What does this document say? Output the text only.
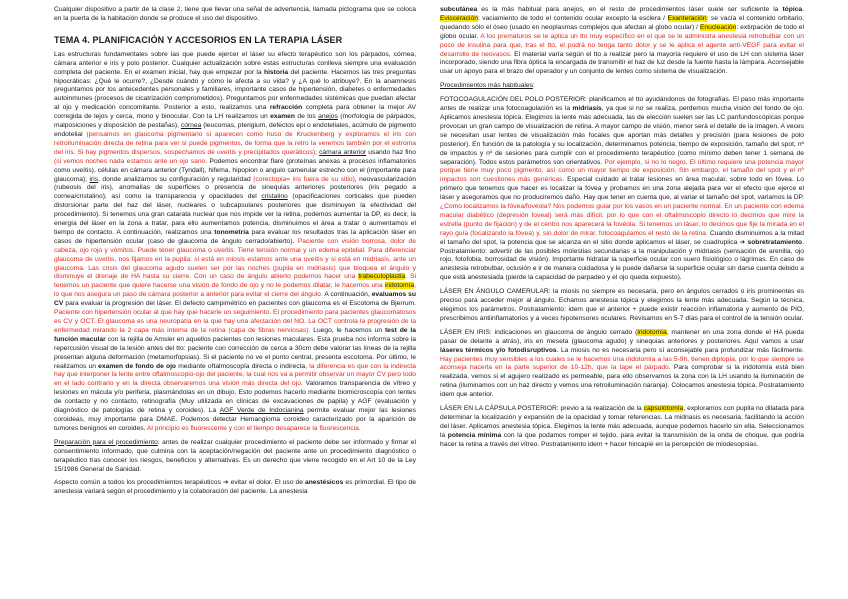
Cualquier dispositivo a partir de la clase 2, tiene que llevar una señal de advertencia, llamada pictograma que se coloca en la puerta de la habitación donde se produce el uso del dispositivo.

TEMA 4. PLANIFICACIÓN Y ACCESORIOS EN LA TERAPIA LÁSER

Las estructuras fundamentales sobre las que puede ejercer el láser su efecto terapéutico son los párpados, córnea, cámara anterior e iris y polo posterior. Cualquier actualización sobre estas estructuras conlleva siempre una evaluación completa del paciente. En el examen inicial, hay que empezar por la historia del paciente. Hacemos las tres preguntas hipocráticas: ¿Qué le ocurre?, ¿Desde cuándo y cómo le afecta a su vida? y ¿A qué lo atribuye?. En la anamnesis preguntamos por los antecedentes personales y familiares, importante casos de hipertensión, diabetes o enfermedades autoinmunes (procesos de cicatrización comprometidos). Preguntamos por enfermedades sistémicas que puedan afectar al ojo y medicación concomitante. Posterior a esto, realizamos una refracción completa para obtener la mejor AV corregida de lejos y cerca, mono y binocular. Con la LH realizamos un examen de los anejos (morfología de párpados, malposiciones y disposición de pestañas), córnea (leucomas, pterigium, defectos epi o endoteliales, acúmulo de pigmento endotelial (pensamos en glaucoma pigmentario si aparecen como huso de Kruckenberg y exploramos el iris con retroiluminación directa de retina para ver si puede pigmentos, de forma que la retro la veremos también por el estroma del iris. Si hay pigmentos dispersos, sospechamos de uveítis y precipitados queráticos); cámara anterior usando haz fino (si vemos noches nada estamos ante un ojo sano. Podemos encontrar flare (proteínas anexas a procesos inflamatorios como uveítis), células en cámara anterior (Tyndall), hifema, hipopion o angulo camerular estrecho con el (importante para glaucoma); iris, donde analizamos su configuración y regularidad (corectopia= iris fuera de su sitio), neovascularización (rubeosis del iris), anomalías de superficies o presencia de sinequias anteriores posteriores (iris pegado a cornea/cristalino); así como la transparencia y opacidades del cristalino (opacificaciones corticales que pueden distorsionar parte del haz del láser, nucleares o subcapsulares posteriores que disminuyen la efectividad del procedimiento). Si tenemos una gran catarata nuclear que nos impide ver la retina, podemos aumentar la DP, es decir, la energía del láser en la zona a tratar, para ello aumentamos potencia, disminuimos el área a tratar o aumentamos el tiempo de contacto. A continuación, realizamos una tonometría para evaluar los resultados tras la aplicación láser en casos de hipertensión ocular (caso de glaucoma de ángulo cerrado/abierto). Paciente con visión borrosa, dolor de cabeza, ojo rojo y vómitos. Puede tener glaucoma o uveítis. Tiene tensión normal y un edema epitelial. Para diferenciar glaucoma de uveítis, nos fijamos en la pupila: si está en miosis estamos ante una uveítis y si está en midriasis, ante un glaucoma. Las crisis del glaucoma agudo suelen ser por las noches (pupila en midriasis) que bloquea el ángulo y disminuye el drenaje de HA hasta su cierre. Con un caso de ángulo abierto podemos hacer una trabeculoplastia. Si tenemos un paciente que quiere hacerse una visión de fondo de ojo y no le podemos dilatar, le hacemos una iridotomía, lo que nos asegura un paso de cámara posterior a anterior para evitar el cierre del ángulo. A continuación, evaluamos su CV para evaluar la progresión del láser. El defecto campimétrico en pacientes con glaucoma es el Escotoma de Bjerrum. Paciente con hipertensión ocular al que hay que hacerle un seguimiento. El procedimiento para pacientes glaucomatosos es CV y OCT. El glaucoma es una neuropatía en la que hay una afectación del NO. La OCT controla la progresión de la enfermedad mirando la 2 capa más interna de la retina (capa de fibras nerviosas). Luego, le hacemos un test de la función macular con la rejilla de Amsler en aquellos pacientes con lesiones maculares. Esta prueba nos informa sobre la repercusión visual de la lesión antes del tto: paciente con corrección de cerca a 30cm debe valorar las líneas de la rejilla presentan alguna deformación (metamorfopsias). Si el paciente no ve el punto central, presenta escotoma. Por último, le realizamos un examen de fondo de ojo mediante oftalmoscopía directa o indirecta, la diferencia es que con la indirecta hay que interponer la lente entre oftalmoscopio-ojo del paciente, la cual nos va a permitir observar un mayor CV pero todo en el lado contrario y en la directa observaremos una visión más directa del ojo. Valoramos transparencia de vítreo y lesiones en mácula y/o periferia, plasmándolas en un dibujo. Esto podemos hacerlo mediante biomicroscopía con lentes de contacto y no contacto, retinografía (Muy utilizada en clínicas de excavaciones de papila) y AGF (evaluación y diagnóstico de patologías de retina y coroides). La AGF Verde de Indocianina permite evaluar mejor las lesiones coroideas, muy importante para DMAE. Podemos detectar Hemangioma coroideo caracterizado por la aparición de tumores benignos en coroides. Al principio es fluorescente y con el tiempo desaparece la fluorescencia.

Preparación para el procedimiento: antes de realizar cualquier procedimiento el paciente debe ser informado y firmar el consentimiento informado, que culmina con la aceptación/negación del paciente ante un procedimiento diagnóstico o terapéutico tras conocer los riesgos, beneficios y alternativas. Es un derecho que viene recogido en el Art 10 de la Ley 15/1986 General de Sanidad.

Aspecto común a todos los procedimientos terapéuticos ➔ evitar el dolor. El uso de anestésicos es primordial. El tipo de anestesia variará según el procedimiento y la colaboración del paciente. La anestesia

subcutánea es la más habitual para anejos, en el resto de procedimientos láser suele ser suficiente la tópica. Evisceración: vaciamiento de todo el contenido ocular excepto la esclera / Exanteración: se vacía el contenido orbitario, quedando sólo el óseo (usado en neoplasmas complejos que afectan al globo ocular) / Enucleación: extirpación de todo el globo ocular. A los prematuros se le aplica un tto muy específico en el que se le administra anestesia retrobulbar con un poco de insulina para que, tras el tto, el podrá no tenga tanto dolor y se le aplica el agente anti-VEGF para evitar el desarrollo de neovasos. El material varía según el tto a realizar pero la mayoría requiere el uso de LH con sistema láser incorporado, siendo una fibra óptica la encargada de transmitir el haz de luz desde la fuente hasta la lámpara. Aconsejable usar un apoyo para el brazo del operador y un conjunto de lentes como sistema de visualización.

Procedimientos más habituales:

FOTOCOAGULACIÓN DEL POLO POSTERIOR: planificamos el tto ayudándonos de fotografías. El paso más importante antes de realizar una fotocoagulación es la midriasis, ya que si no se realiza, perdemos mucha visión del fondo de ojo. Aplicamos anestesia tópica. Elegimos la lente más adecuada, las de elección suelen ser las LC panfundoscópicas porque provocan un gran campo de visualización de retina. A mayor campo de visión, menor será el detalle de la imagen. A veces se necesitan usar lentes de visualización más focales que aportan más detalles y precisión (para lesiones de polo posterior). En función de la patología y su localización, determinamos potencia, tiempo de exposición, tamaño del spot, nº de impactos y nº de sesiones para cumplir con el procedimiento terapéutico (como mínimo deben tener 1 semana de separación). Todos estos parámetros son orientativos. Por ejemplo, si no lo negro. El último requiere una potencia mayor porque tiene muy poco pigmento, así como un mayor tiempo de exposición. Sin embargo, el tamaño del spot y el nº impactos son cuestiones más genéricas. Especial cuidado al tratar lesiones en área macular, sobre todo en fóvea. Lo primero que tenemos que hacer es localizar la fóvea y probamos en una zona alejada para ver el efecto que ejerce el láser y aseguramos que no produciremos daño. Hay que tener en cuenta que, al variar el tamaño del spot, variamos la DP. ¿Como localizamos la fóvea/fovéola? Nos podemos guiar por los vasos en un paciente normal. En un paciente con edema macular diabético (depresión foveal) será más difícil, por lo que con el oftalmoscopio directo lo decimos que mire la estrella (punto de fijación) y de el centro nos aparecerá la fovéola. Si tenemos un láser, lo decimos que fije la mirada en el rayo guía (focalizando la fóvea) y, sin dolor de mirar, fotocoagulamos el resto de la retina. Cuando disminuimos a la mitad el tamaño del spot, la potencia que se alcanza en el sitio donde aplicamos el láser, se cuadruplica ➔ sobretratamiento. Postratamiento: advertir de las posibles molestias secundarias a la manipulación y midriasis (sensación de arenilla, ojo rojo, fotofobia, borrosidad de visión). Importante hidratar la superficie ocular con suero fisiológico o lágrimas. En caso de anestesia retrobulbar, oclusión e ir de manera cuidadosa y le puede dañarse la superficie ocular sin darse cuenta debido a que está anestesiada (pierde la capacidad de parpadeo y el ojo queda expuesto).

LÁSER EN ÁNGULO CAMERULAR: la miosis no siempre es necesaria, pero en ángulos cerrados o iris prominentes es preciso para acceder mejor al ángulo. Echamos anestesia tópica y elegimos la lente más adecuada. Según la técnica, elegimos los parámetros. Postratamiento: idem que el anterior + puede existir reacción inflamatoria y aumento de PIO, prescribimos antiinflamatorios y a veces hipotensores oculares. Revisamos en 5-7 días para el control de la tensión ocular.

LÁSER EN IRIS: indicaciones en glaucoma de ángulo cerrado (iridotomía, mantener en una zona donde el HA pueda pasar de delante a atrás), iris en meseta (glaucoma agudo) y sinequias anteriores y posteriores. Aquí vamos a usar láseres térmicos y/o fotodisruptivos. La miosis no es necesaria pero sí aconsejable para profundizar más fácilmente. Hay pacientes muy sensibles a los cuales se le hacemos una iridotomía a las 5-9h, tienen diplopía, por lo que siempre se aconseja hacerla en la parte superior de 10-12h, que la tape el párpado. Para comprobar si la iridotomía está bien realizada, vemos si el agujero realizado es permeable, para ello observamos la zona con la LH usando la iluminación de retina (iluminamos con un haz directo y vemos una retroiluminación naranja). Colocamos anestesia tópica. Postratamiento idem que anterior.

LÁSER EN LA CÁPSULA POSTERIOR: previo a la realización de la capsulotomía, exploramos con pupila no dilatada para determinar la localización y expansión de la opacidad y tomar referencias. La midriasis es necesaria, facilitando la acción del láser. Aplicamos anestesia tópica. Elegimos la lente más adecuada, aunque podemos hacerlo sin ella. Seleccionamos la potencia mínima con la que podamos romper el tejido, para evitar la transmisión de la onda de choque, que podría hacer la retina a través del vítreo. Postratamiento idem + hacer hincapié en la percepción de miodesopsias.
